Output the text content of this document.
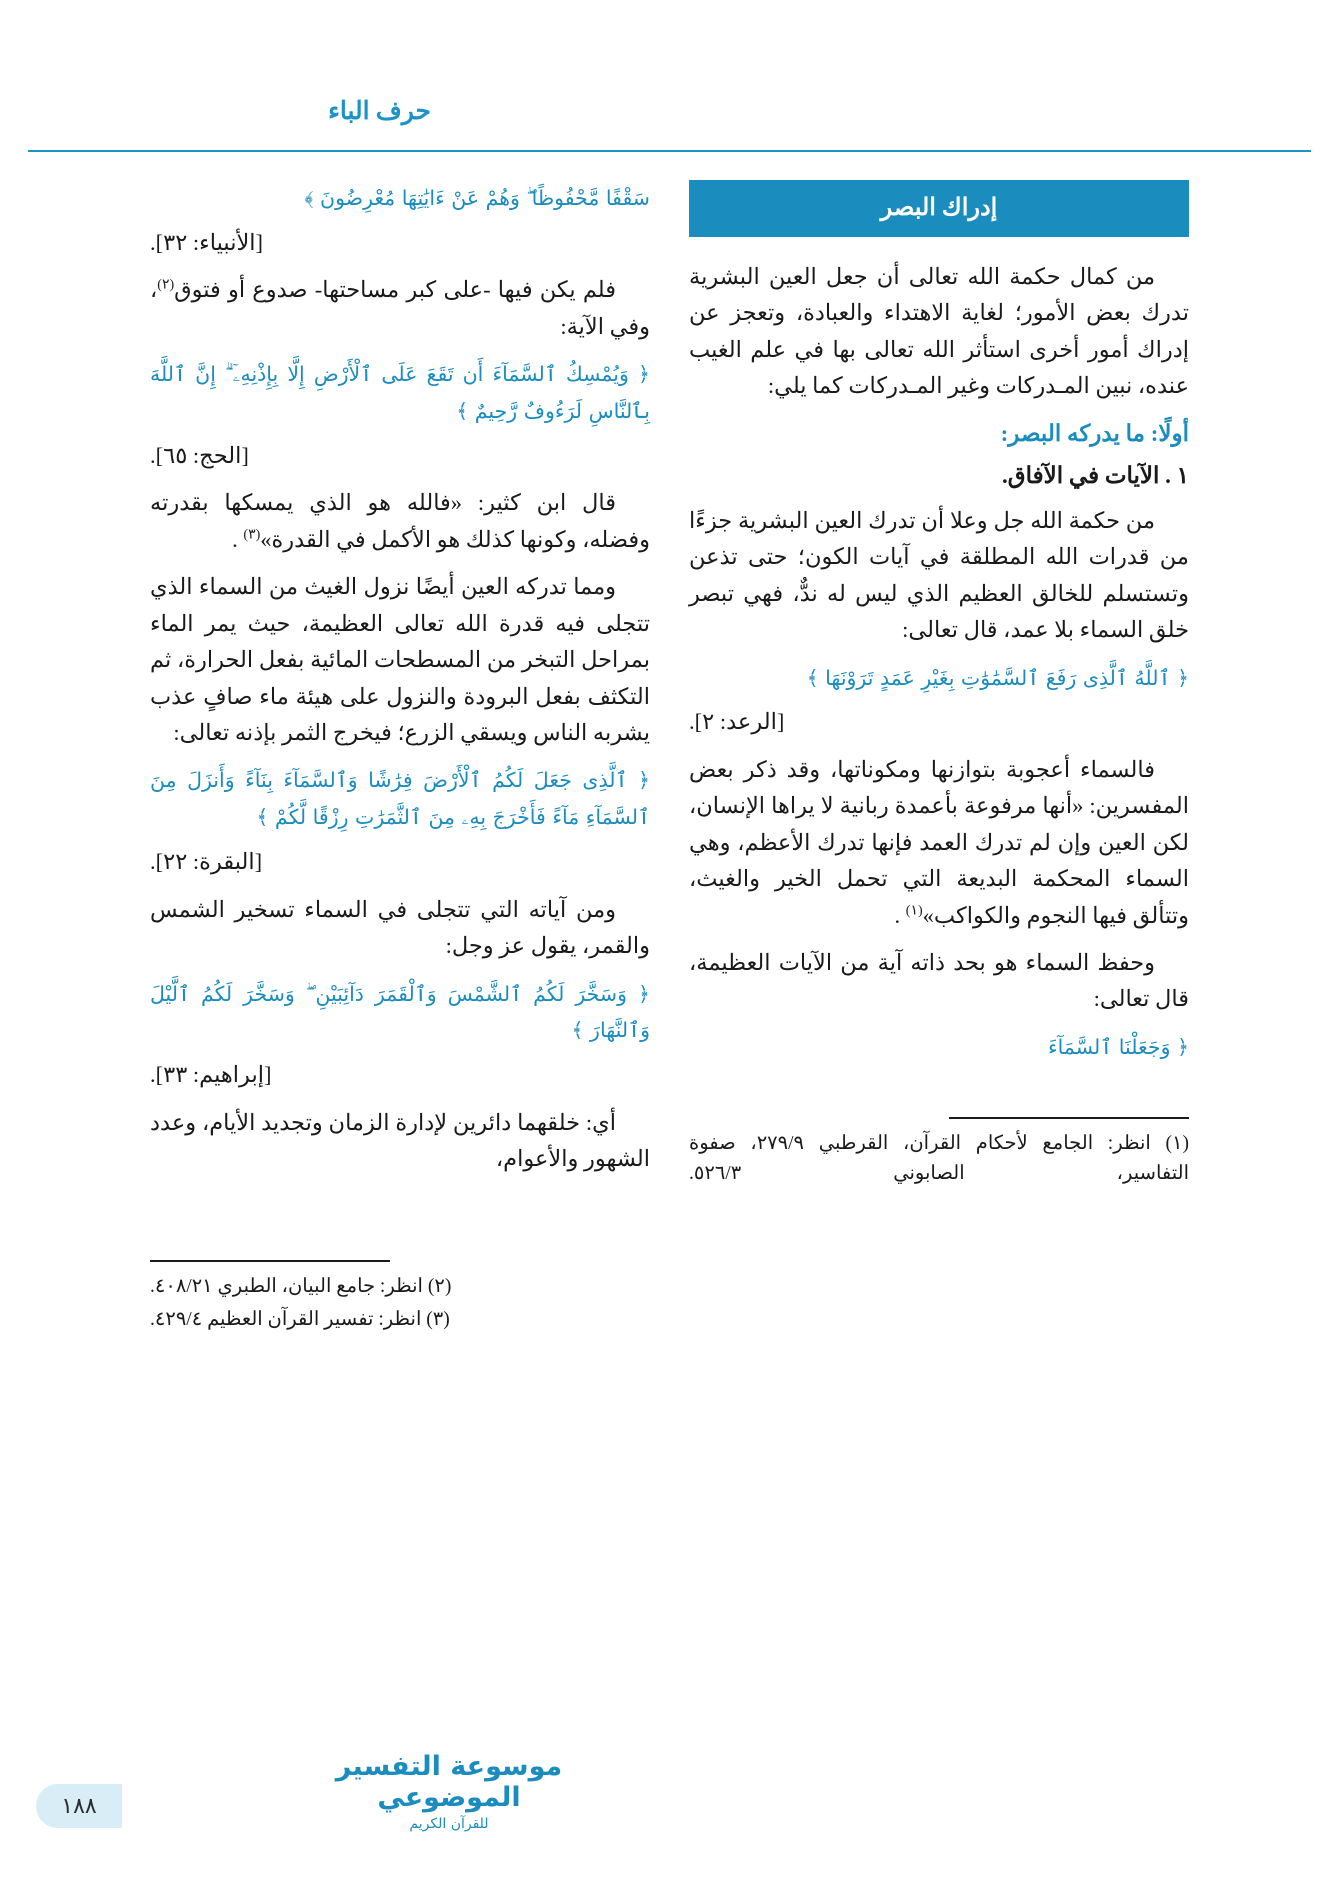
حرف الباء
إدراك البصر

من كمال حكمة الله تعالى أن جعل العين البشرية تدرك بعض الأمور؛ لغاية الاهتداء والعبادة، وتعجز عن إدراك أمور أخرى استأثر الله تعالى بها في علم الغيب عنده، نبين المـدركات وغير المـدركات كما يلي:

أولًا: ما يدركه البصر:
١ . الآيات في الآفاق.

من حكمة الله جل وعلا أن تدرك العين البشرية جزءًا من قدرات الله المطلقة في آيات الكون؛ حتى تذعن وتستسلم للخالق العظيم الذي ليس له ندٌّ، فهي تبصر خلق السماء بلا عمد، قال تعالى:

﴿ ٱللَّهُ ٱلَّذِى رَفَعَ ٱلسَّمَٰوَٰتِ بِغَيْرِ عَمَدٍ تَرَوْنَهَا ﴾

[الرعد: ٢].

فالسماء أعجوبة بتوازنها ومكوناتها، وقد ذكر بعض المفسرين: «أنها مرفوعة بأعمدة ربانية لا يراها الإنسان، لكن العين وإن لم تدرك العمد فإنها تدرك الأعظم، وهي السماء المحكمة البديعة التي تحمل الخير والغيث، وتتألق فيها النجوم والكواكب»$^{(١)}$ .

وحفظ السماء هو بحد ذاته آية من الآيات العظيمة، قال تعالى:

﴿ وَجَعَلْنَا ٱلسَّمَآءَ

(١) انظر: الجامع لأحكام القرآن، القرطبي ٢٧٩/٩، صفوة التفاسير، الصابوني ٥٢٦/٣.

سَقْفًا مَّحْفُوظًا ۖ وَهُمْ عَنْ ءَايَٰتِهَا مُعْرِضُونَ ﴾

[الأنبياء: ٣٢].

فلم يكن فيها -على كبر مساحتها- صدوع أو فتوق$^{(٢)}$، وفي الآية:

﴿ وَيُمْسِكُ ٱلسَّمَآءَ أَن تَقَعَ عَلَى ٱلْأَرْضِ إِلَّا بِإِذْنِهِۦٓ ۗ إِنَّ ٱللَّهَ بِٱلنَّاسِ لَرَءُوفٌ رَّحِيمٌ ﴾

[الحج: ٦٥].

قال ابن كثير: «فالله هو الذي يمسكها بقدرته وفضله، وكونها كذلك هو الأكمل في القدرة»$^{(٣)}$ .

ومما تدركه العين أيضًا نزول الغيث من السماء الذي تتجلى فيه قدرة الله تعالى العظيمة، حيث يمر الماء بمراحل التبخر من المسطحات المائية بفعل الحرارة، ثم التكثف بفعل البرودة والنزول على هيئة ماء صافٍ عذب يشربه الناس ويسقي الزرع؛ فيخرج الثمر بإذنه تعالى:

﴿ ٱلَّذِى جَعَلَ لَكُمُ ٱلْأَرْضَ فِرَٰشًا وَٱلسَّمَآءَ بِنَآءً وَأَنزَلَ مِنَ ٱلسَّمَآءِ مَآءً فَأَخْرَجَ بِهِۦ مِنَ ٱلثَّمَرَٰتِ رِزْقًا لَّكُمْ ﴾

[البقرة: ٢٢].

ومن آياته التي تتجلى في السماء تسخير الشمس والقمر، يقول عز وجل:

﴿ وَسَخَّرَ لَكُمُ ٱلشَّمْسَ وَٱلْقَمَرَ دَآئِبَيْنِ ۖ وَسَخَّرَ لَكُمُ ٱلَّيْلَ وَٱلنَّهَارَ ﴾

[إبراهيم: ٣٣].

أي: خلقهما دائرين لإدارة الزمان وتجديد الأيام، وعدد الشهور والأعوام،

(٢) انظر: جامع البيان، الطبري ٤٠٨/٢١.

(٣) انظر: تفسير القرآن العظيم ٤٢٩/٤.

موسوعة التفسير الموضوعي
للقرآن الكريم
١٨٨
